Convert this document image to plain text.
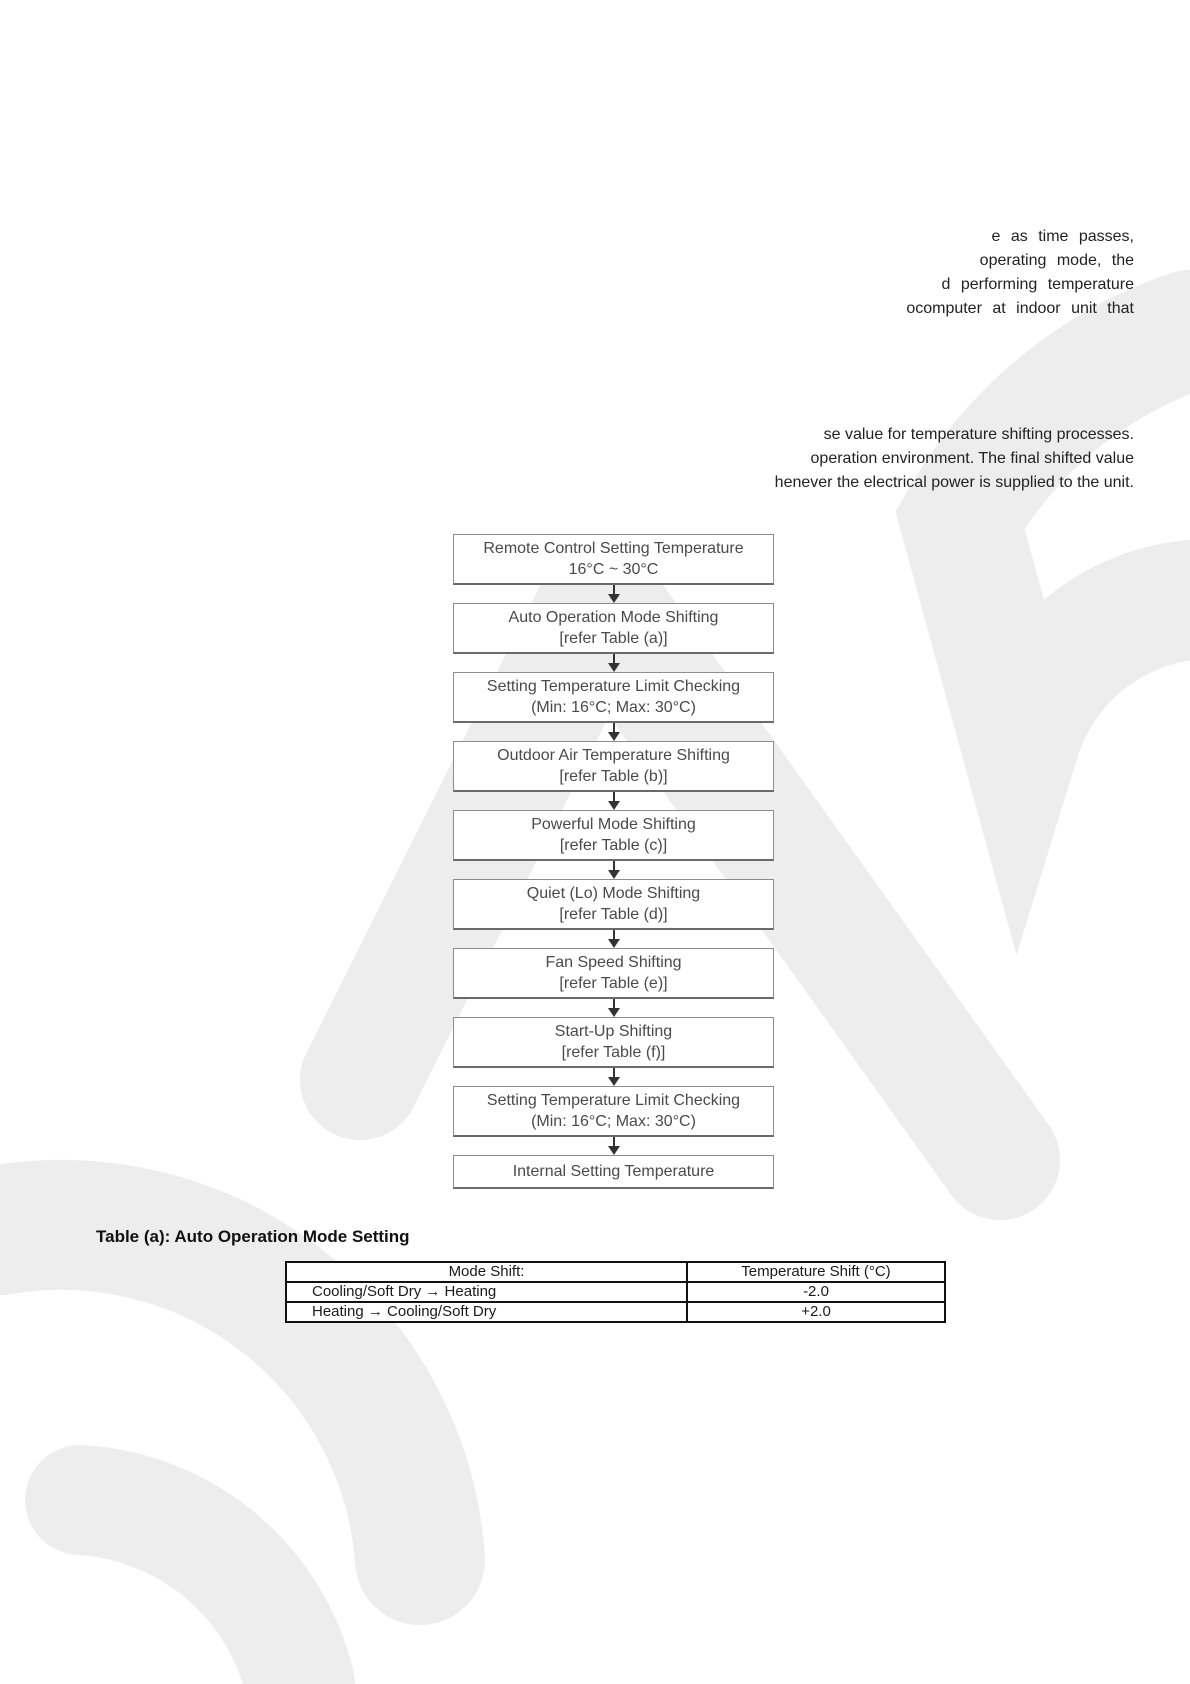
e as time passes,
operating mode, the
d performing temperature
ocomputer at indoor unit that
se value for temperature shifting processes.
operation environment. The final shifted value
henever the electrical power is supplied to the unit.
Remote Control Setting Temperature
16°C ~ 30°C
Auto Operation Mode Shifting
[refer Table (a)]
Setting Temperature Limit Checking
(Min: 16°C; Max: 30°C)
Outdoor Air Temperature Shifting
[refer Table (b)]
Powerful Mode Shifting
[refer Table (c)]
Quiet (Lo) Mode Shifting
[refer Table (d)]
Fan Speed Shifting
[refer Table (e)]
Start-Up Shifting
[refer Table (f)]
Setting Temperature Limit Checking
(Min: 16°C; Max: 30°C)
Internal Setting Temperature

Table (a): Auto Operation Mode Setting

Mode Shift:	Temperature Shift (°C)
Cooling/Soft Dry → Heating	-2.0
Heating → Cooling/Soft Dry	+2.0
